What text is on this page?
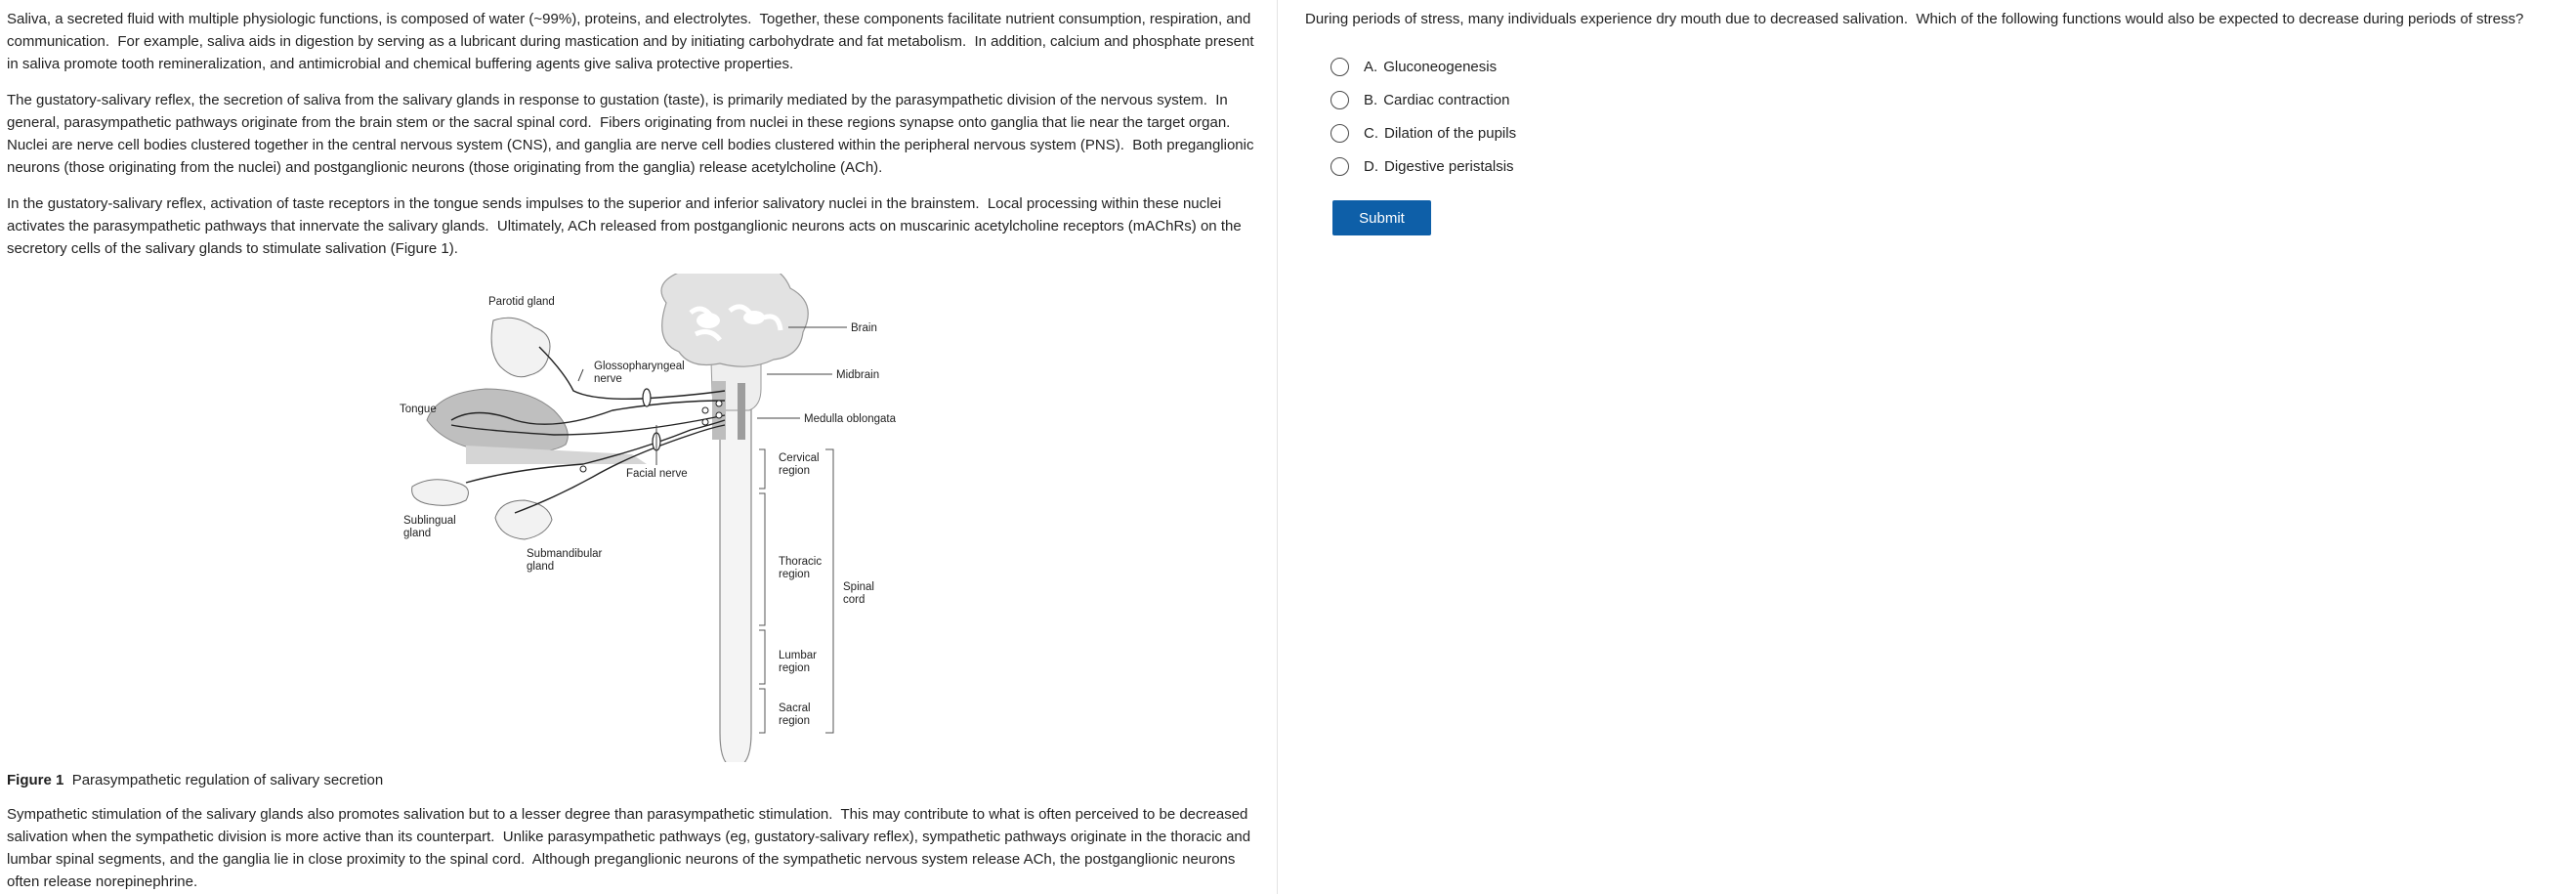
Saliva, a secreted fluid with multiple physiologic functions, is composed of water (~99%), proteins, and electrolytes.  Together, these components facilitate nutrient consumption, respiration, and communication.  For example, saliva aids in digestion by serving as a lubricant during mastication and by initiating carbohydrate and fat metabolism.  In addition, calcium and phosphate present in saliva promote tooth remineralization, and antimicrobial and chemical buffering agents give saliva protective properties.

The gustatory-salivary reflex, the secretion of saliva from the salivary glands in response to gustation (taste), is primarily mediated by the parasympathetic division of the nervous system.  In general, parasympathetic pathways originate from the brain stem or the sacral spinal cord.  Fibers originating from nuclei in these regions synapse onto ganglia that lie near the target organ.  Nuclei are nerve cell bodies clustered together in the central nervous system (CNS), and ganglia are nerve cell bodies clustered within the peripheral nervous system (PNS).  Both preganglionic neurons (those originating from the nuclei) and postganglionic neurons (those originating from the ganglia) release acetylcholine (ACh).

In the gustatory-salivary reflex, activation of taste receptors in the tongue sends impulses to the superior and inferior salivatory nuclei in the brainstem.  Local processing within these nuclei activates the parasympathetic pathways that innervate the salivary glands.  Ultimately, ACh released from postganglionic neurons acts on muscarinic acetylcholine receptors (mAChRs) on the secretory cells of the salivary glands to stimulate salivation (Figure 1).

Parotid gland
Glossopharyngeal nerve
Tongue
Brain
Midbrain
Medulla oblongata
Facial nerve
Sublingual gland
Submandibular gland
Cervical region
Thoracic region
Spinal cord
Lumbar region
Sacral region
Figure 1 Parasympathetic regulation of salivary secretion

Sympathetic stimulation of the salivary glands also promotes salivation but to a lesser degree than parasympathetic stimulation.  This may contribute to what is often perceived to be decreased salivation when the sympathetic division is more active than its counterpart.  Unlike parasympathetic pathways (eg, gustatory-salivary reflex), sympathetic pathways originate in the thoracic and lumbar spinal segments, and the ganglia lie in close proximity to the spinal cord.  Although preganglionic neurons of the sympathetic nervous system release ACh, the postganglionic neurons often release norepinephrine.

During periods of stress, many individuals experience dry mouth due to decreased salivation.  Which of the following functions would also be expected to decrease during periods of stress?

A. Gluconeogenesis
B. Cardiac contraction
C. Dilation of the pupils
D. Digestive peristalsis
Submit
